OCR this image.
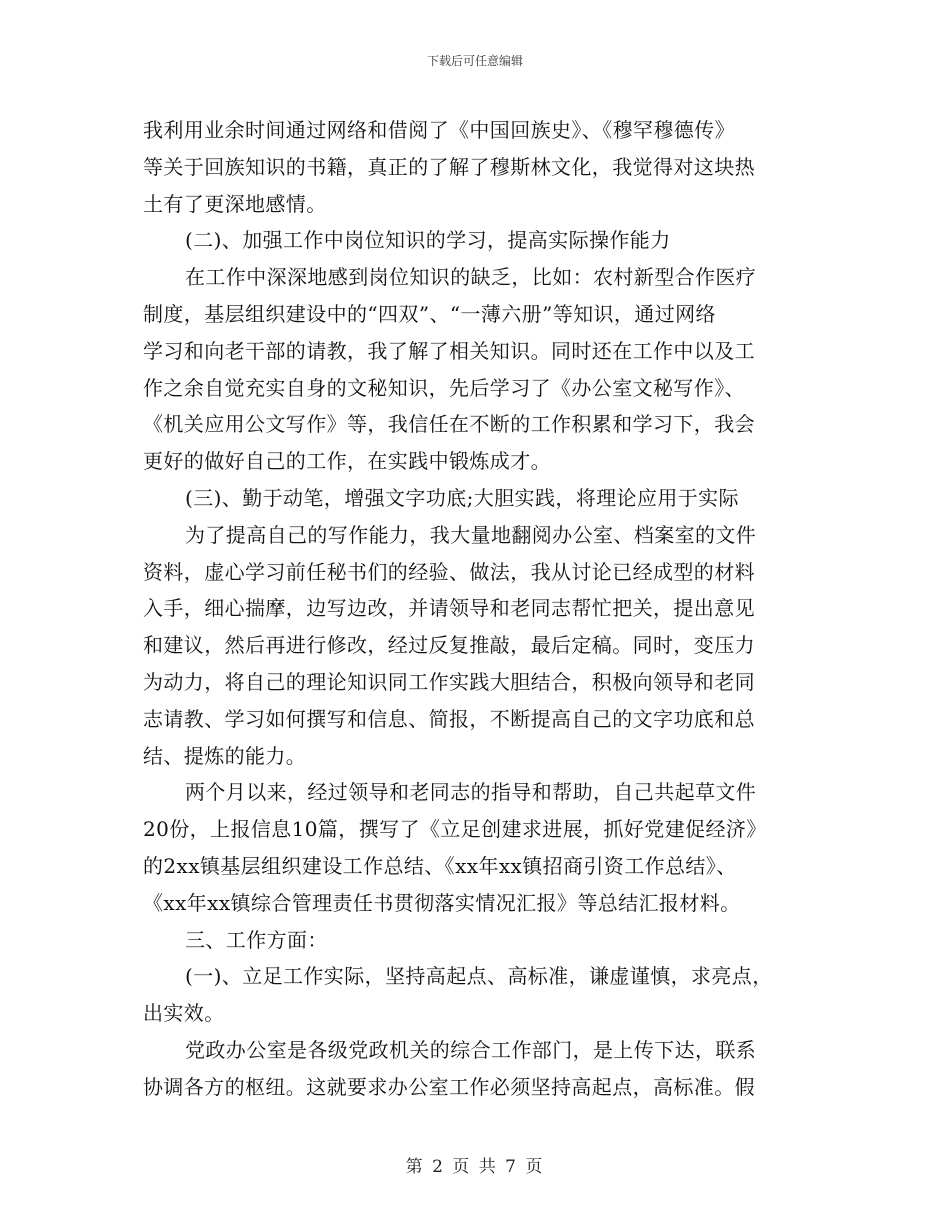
下载后可任意编辑
我利用业余时间通过网络和借阅了《中国回族史》、《穆罕穆德传》
等关于回族知识的书籍，真正的了解了穆斯林文化，我觉得对这块热
土有了更深地感情。
(二)、加强工作中岗位知识的学习，提高实际操作能力
在工作中深深地感到岗位知识的缺乏，比如：农村新型合作医疗
制度，基层组织建设中的“四双”、“一薄六册”等知识，通过网络
学习和向老干部的请教，我了解了相关知识。同时还在工作中以及工
作之余自觉充实自身的文秘知识，先后学习了《办公室文秘写作》、
《机关应用公文写作》等，我信任在不断的工作积累和学习下，我会
更好的做好自己的工作，在实践中锻炼成才。
(三)、勤于动笔，增强文字功底;大胆实践，将理论应用于实际
为了提高自己的写作能力，我大量地翻阅办公室、档案室的文件
资料，虚心学习前任秘书们的经验、做法，我从讨论已经成型的材料
入手，细心揣摩，边写边改，并请领导和老同志帮忙把关，提出意见
和建议，然后再进行修改，经过反复推敲，最后定稿。同时，变压力
为动力，将自己的理论知识同工作实践大胆结合，积极向领导和老同
志请教、学习如何撰写和信息、简报，不断提高自己的文字功底和总
结、提炼的能力。
两个月以来，经过领导和老同志的指导和帮助，自己共起草文件
20份，上报信息10篇，撰写了《立足创建求进展，抓好党建促经济》
的2xx镇基层组织建设工作总结、《xx年xx镇招商引资工作总结》、
《xx年xx镇综合管理责任书贯彻落实情况汇报》等总结汇报材料。
三、工作方面：
(一)、立足工作实际，坚持高起点、高标准，谦虚谨慎，求亮点，
出实效。
党政办公室是各级党政机关的综合工作部门，是上传下达，联系
协调各方的枢纽。这就要求办公室工作必须坚持高起点，高标准。假
第 2 页 共 7 页
